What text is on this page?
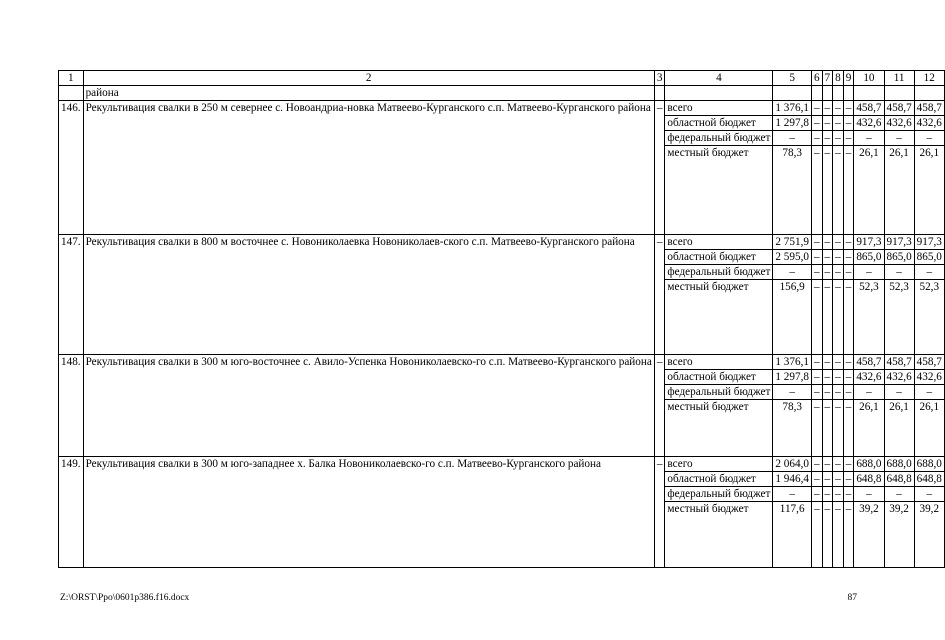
1	2	3	4	5	6	7	8	9	10	11	12
	района										
146.	Рекультивация свалки в 250 м севернее с. Новоандриа-новка Матвеево-Курганского с.п. Матвеево-Курганского района	–	всего	1 376,1	–	–	–	–	458,7	458,7	458,7
			областной бюджет	1 297,8	–	–	–	–	432,6	432,6	432,6
			федеральный бюджет	–	–	–	–	–	–	–	–
			местный бюджет	78,3	–	–	–	–	26,1	26,1	26,1
147.	Рекультивация свалки в 800 м восточнее с. Новониколаевка Новониколаев-ского с.п. Матвеево-Курганского района	–	всего	2 751,9	–	–	–	–	917,3	917,3	917,3
			областной бюджет	2 595,0	–	–	–	–	865,0	865,0	865,0
			федеральный бюджет	–	–	–	–	–	–	–	–
			местный бюджет	156,9	–	–	–	–	52,3	52,3	52,3
148.	Рекультивация свалки в 300 м юго-восточнее с. Авило-Успенка Новониколаевско-го с.п. Матвеево-Курганского района	–	всего	1 376,1	–	–	–	–	458,7	458,7	458,7
			областной бюджет	1 297,8	–	–	–	–	432,6	432,6	432,6
			федеральный бюджет	–	–	–	–	–	–	–	–
			местный бюджет	78,3	–	–	–	–	26,1	26,1	26,1
149.	Рекультивация свалки в 300 м юго-западнее х. Балка Новониколаевско-го с.п. Матвеево-Курганского района	–	всего	2 064,0	–	–	–	–	688,0	688,0	688,0
			областной бюджет	1 946,4	–	–	–	–	648,8	648,8	648,8
			федеральный бюджет	–	–	–	–	–	–	–	–
			местный бюджет	117,6	–	–	–	–	39,2	39,2	39,2
Z:\ORST\Ppo\0601p386.f16.docx	87
